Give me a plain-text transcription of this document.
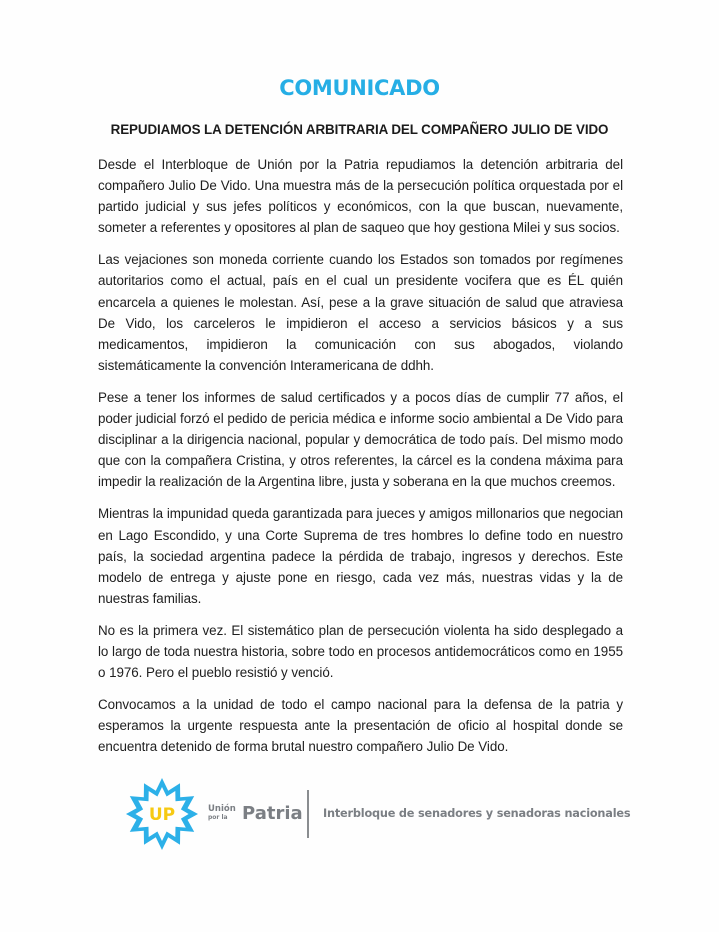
COMUNICADO
REPUDIAMOS LA DETENCIÓN ARBITRARIA DEL COMPAÑERO JULIO DE VIDO

Desde el Interbloque de Unión por la Patria repudiamos la detención arbitraria del compañero Julio De Vido. Una muestra más de la persecución política orquestada por el partido judicial y sus jefes políticos y económicos, con la que buscan, nuevamente, someter a referentes y opositores al plan de saqueo que hoy gestiona Milei y sus socios.

Las vejaciones son moneda corriente cuando los Estados son tomados por regímenes autoritarios como el actual, país en el cual un presidente vocifera que es ÉL quién encarcela a quienes le molestan. Así, pese a la grave situación de salud que atraviesa De Vido, los carceleros le impidieron el acceso a servicios básicos y a sus medicamentos, impidieron la comunicación con sus abogados, violando sistemáticamente la convención Interamericana de ddhh.

Pese a tener los informes de salud certificados y a pocos días de cumplir 77 años, el poder judicial forzó el pedido de pericia médica e informe socio ambiental a De Vido para disciplinar a la dirigencia nacional, popular y democrática de todo país. Del mismo modo que con la compañera Cristina, y otros referentes, la cárcel es la condena máxima para impedir la realización de la Argentina libre, justa y soberana en la que muchos creemos.

Mientras la impunidad queda garantizada para jueces y amigos millonarios que negocian en Lago Escondido, y una Corte Suprema de tres hombres lo define todo en nuestro país, la sociedad argentina padece la pérdida de trabajo, ingresos y derechos. Este modelo de entrega y ajuste pone en riesgo, cada vez más, nuestras vidas y la de nuestras familias.

No es la primera vez. El sistemático plan de persecución violenta ha sido desplegado a lo largo de toda nuestra historia, sobre todo en procesos antidemocráticos como en 1955 o 1976. Pero el pueblo resistió y venció.

Convocamos a la unidad de todo el campo nacional para la defensa de la patria y esperamos la urgente respuesta ante la presentación de oficio al hospital donde se encuentra detenido de forma brutal nuestro compañero Julio De Vido.

UP	Unión
por la Patria Interbloque de senadores y senadoras nacionales
